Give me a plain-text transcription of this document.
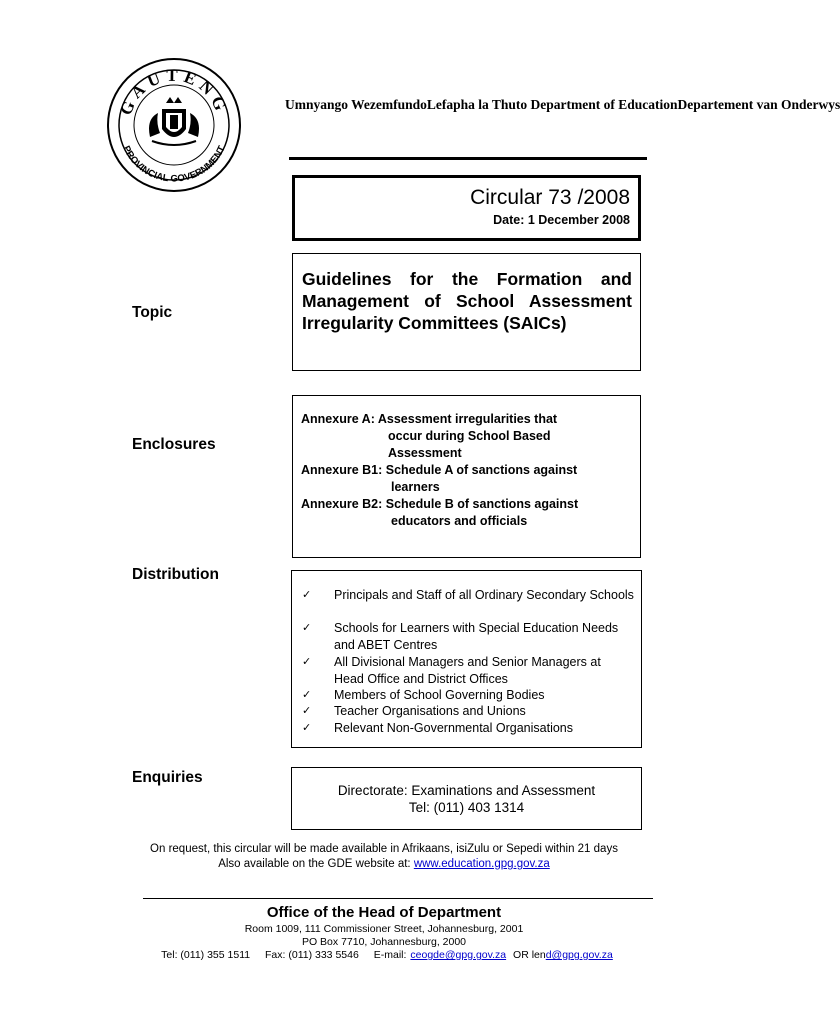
GAUTENG
PROVINCIAL GOVERNMENT
Umnyango WezemfundoLefapha la Thuto Department of EducationDepartement van Onderwys
Circular 73 /2008
Date: 1 December 2008
Topic
Guidelines for the Formation and Management of School Assessment Irregularity Committees (SAICs)
Enclosures
Annexure A: Assessment irregularities that
occur during School Based Assessment
Annexure B1: Schedule A of sanctions against
learners
Annexure B2: Schedule B of sanctions against
educators and officials
Distribution
✓	Principals and Staff of all Ordinary Secondary Schools
✓	Schools for Learners with Special Education Needs and ABET Centres
✓	All Divisional Managers and Senior Managers at Head Office and District Offices
✓	Members of School Governing Bodies
✓	Teacher Organisations and Unions
✓	Relevant Non-Governmental Organisations
Enquiries
Directorate: Examinations and Assessment
Tel: (011) 403 1314
On request, this circular will be made available in Afrikaans, isiZulu or Sepedi within 21 days
Also available on the GDE website at: www.education.gpg.gov.za
Office of the Head of Department
Room 1009, 111 Commissioner Street, Johannesburg, 2001
PO Box 7710, Johannesburg, 2000
Tel: (011) 355 1511 Fax: (011) 333 5546 E-mail: ceogde@gpg.gov.za OR lend@gpg.gov.za
